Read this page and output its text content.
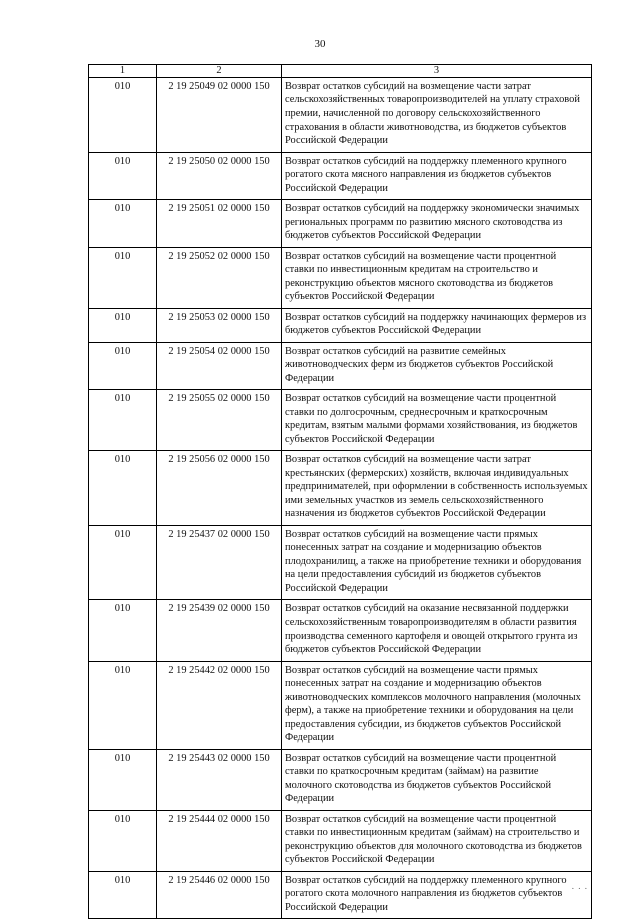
30
1	2	3
010	2 19 25049 02 0000 150	Возврат остатков субсидий на возмещение части затрат сельскохозяйственных товаропроизводителей на уплату страховой премии, начисленной по договору сельскохозяйственного страхования в области животноводства, из бюджетов субъектов Российской Федерации
010	2 19 25050 02 0000 150	Возврат остатков субсидий на поддержку племенного крупного рогатого скота мясного направления из бюджетов субъектов Российской Федерации
010	2 19 25051 02 0000 150	Возврат остатков субсидий на поддержку экономически значимых региональных программ по развитию мясного скотоводства из бюджетов субъектов Российской Федерации
010	2 19 25052 02 0000 150	Возврат остатков субсидий на возмещение части процентной ставки по инвестиционным кредитам на строительство и реконструкцию объектов мясного скотоводства из бюджетов субъектов Российской Федерации
010	2 19 25053 02 0000 150	Возврат остатков субсидий на поддержку начинающих фермеров из бюджетов субъектов Российской Федерации
010	2 19 25054 02 0000 150	Возврат остатков субсидий на развитие семейных животноводческих ферм из бюджетов субъектов Российской Федерации
010	2 19 25055 02 0000 150	Возврат остатков субсидий на возмещение части процентной ставки по долгосрочным, среднесрочным и краткосрочным кредитам, взятым малыми формами хозяйствования, из бюджетов субъектов Российской Федерации
010	2 19 25056 02 0000 150	Возврат остатков субсидий на возмещение части затрат крестьянских (фермерских) хозяйств, включая индивидуальных предпринимателей, при оформлении в собственность используемых ими земельных участков из земель сельскохозяйственного назначения из бюджетов субъектов Российской Федерации
010	2 19 25437 02 0000 150	Возврат остатков субсидий на возмещение части прямых понесенных затрат на создание и модернизацию объектов плодохранилищ, а также на приобретение техники и оборудования на цели предоставления субсидий из бюджетов субъектов Российской Федерации
010	2 19 25439 02 0000 150	Возврат остатков субсидий на оказание несвязанной поддержки сельскохозяйственным товаропроизводителям в области развития производства семенного картофеля и овощей открытого грунта из бюджетов субъектов Российской Федерации
010	2 19 25442 02 0000 150	Возврат остатков субсидий на возмещение части прямых понесенных затрат на создание и модернизацию объектов животноводческих комплексов молочного направления (молочных ферм), а также на приобретение техники и оборудования на цели предоставления субсидии, из бюджетов субъектов Российской Федерации
010	2 19 25443 02 0000 150	Возврат остатков субсидий на возмещение части процентной ставки по краткосрочным кредитам (займам) на развитие молочного скотоводства из бюджетов субъектов Российской Федерации
010	2 19 25444 02 0000 150	Возврат остатков субсидий на возмещение части процентной ставки по инвестиционным кредитам (займам) на строительство и реконструкцию объектов для молочного скотоводства из бюджетов субъектов Российской Федерации
010	2 19 25446 02 0000 150	Возврат остатков субсидий на поддержку племенного крупного рогатого скота молочного направления из бюджетов субъектов Российской Федерации
. . .
